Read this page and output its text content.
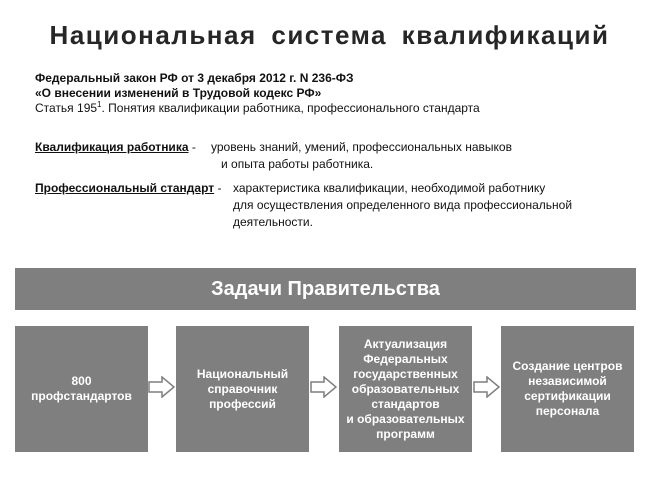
Национальная система квалификаций
Федеральный закон РФ от 3 декабря 2012 г. N 236-ФЗ
«О внесении изменений в Трудовой кодекс РФ»
Статья $195^1$. Понятия квалификации работника, профессионального стандарта
Квалификация работника - уровень знаний, умений, профессиональных навыков
и опыта работы работника.
Профессиональный стандарт - характеристика квалификации, необходимой работнику
для осуществления определенного вида профессиональной
деятельности.
Задачи Правительства
800
профстандартов
Национальный
справочник
профессий
Актуализация
Федеральных
государственных
образовательных
стандартов
и образовательных
программ
Создание центров
независимой
сертификации
персонала
